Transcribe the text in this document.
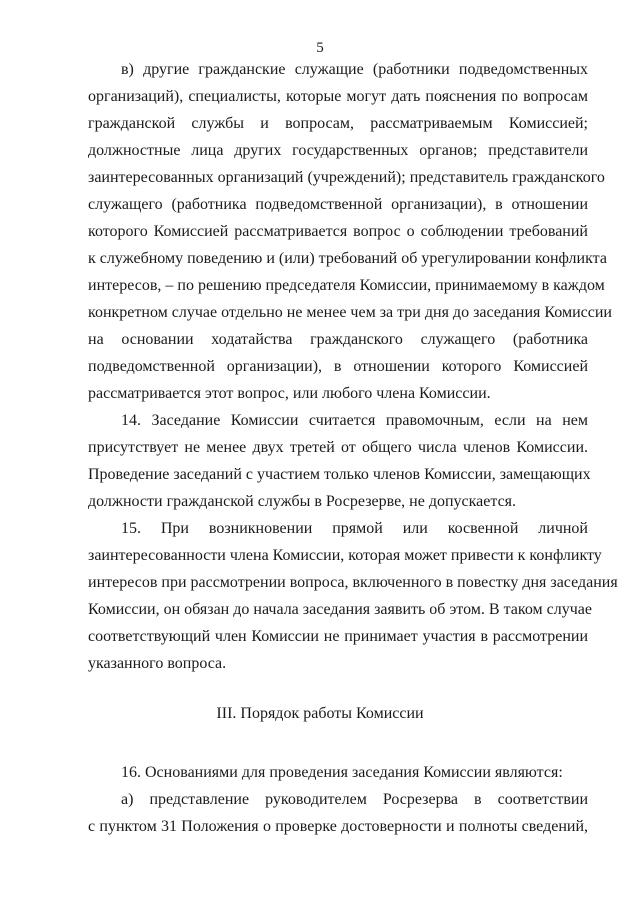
5
в) другие гражданские служащие (работники подведомственных
организаций), специалисты, которые могут дать пояснения по вопросам
гражданской службы и вопросам, рассматриваемым Комиссией;
должностные лица других государственных органов; представители
заинтересованных организаций (учреждений); представитель гражданского
служащего (работника подведомственной организации), в отношении
которого Комиссией рассматривается вопрос о соблюдении требований
к служебному поведению и (или) требований об урегулировании конфликта
интересов, – по решению председателя Комиссии, принимаемому в каждом
конкретном случае отдельно не менее чем за три дня до заседания Комиссии
на основании ходатайства гражданского служащего (работника
подведомственной организации), в отношении которого Комиссией
рассматривается этот вопрос, или любого члена Комиссии.
14. Заседание Комиссии считается правомочным, если на нем
присутствует не менее двух третей от общего числа членов Комиссии.
Проведение заседаний с участием только членов Комиссии, замещающих
должности гражданской службы в Росрезерве, не допускается.
15. При возникновении прямой или косвенной личной
заинтересованности члена Комиссии, которая может привести к конфликту
интересов при рассмотрении вопроса, включенного в повестку дня заседания
Комиссии, он обязан до начала заседания заявить об этом. В таком случае
соответствующий член Комиссии не принимает участия в рассмотрении
указанного вопроса.
III. Порядок работы Комиссии
16. Основаниями для проведения заседания Комиссии являются:
а) представление руководителем Росрезерва в соответствии
с пунктом 31 Положения о проверке достоверности и полноты сведений,
